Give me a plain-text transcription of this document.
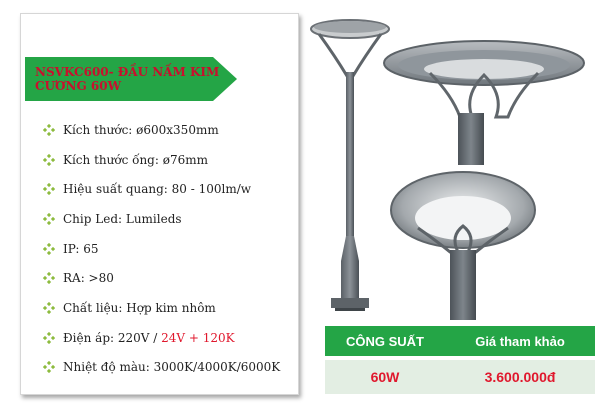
NSVKC600- ĐẦU NẤM KIM CƯƠNG 60W
Kích thước: ø600x350mm
Kích thước ống: ø76mm
Hiệu suất quang: 80 - 100lm/w
Chip Led: Lumileds
IP: 65
RA: >80
Chất liệu: Hợp kim nhôm
Điện áp: 220V / 24V + 120K
Nhiệt độ màu: 3000K/4000K/6000K
CÔNG SUẤT	Giá tham khảo
60W	3.600.000đ
